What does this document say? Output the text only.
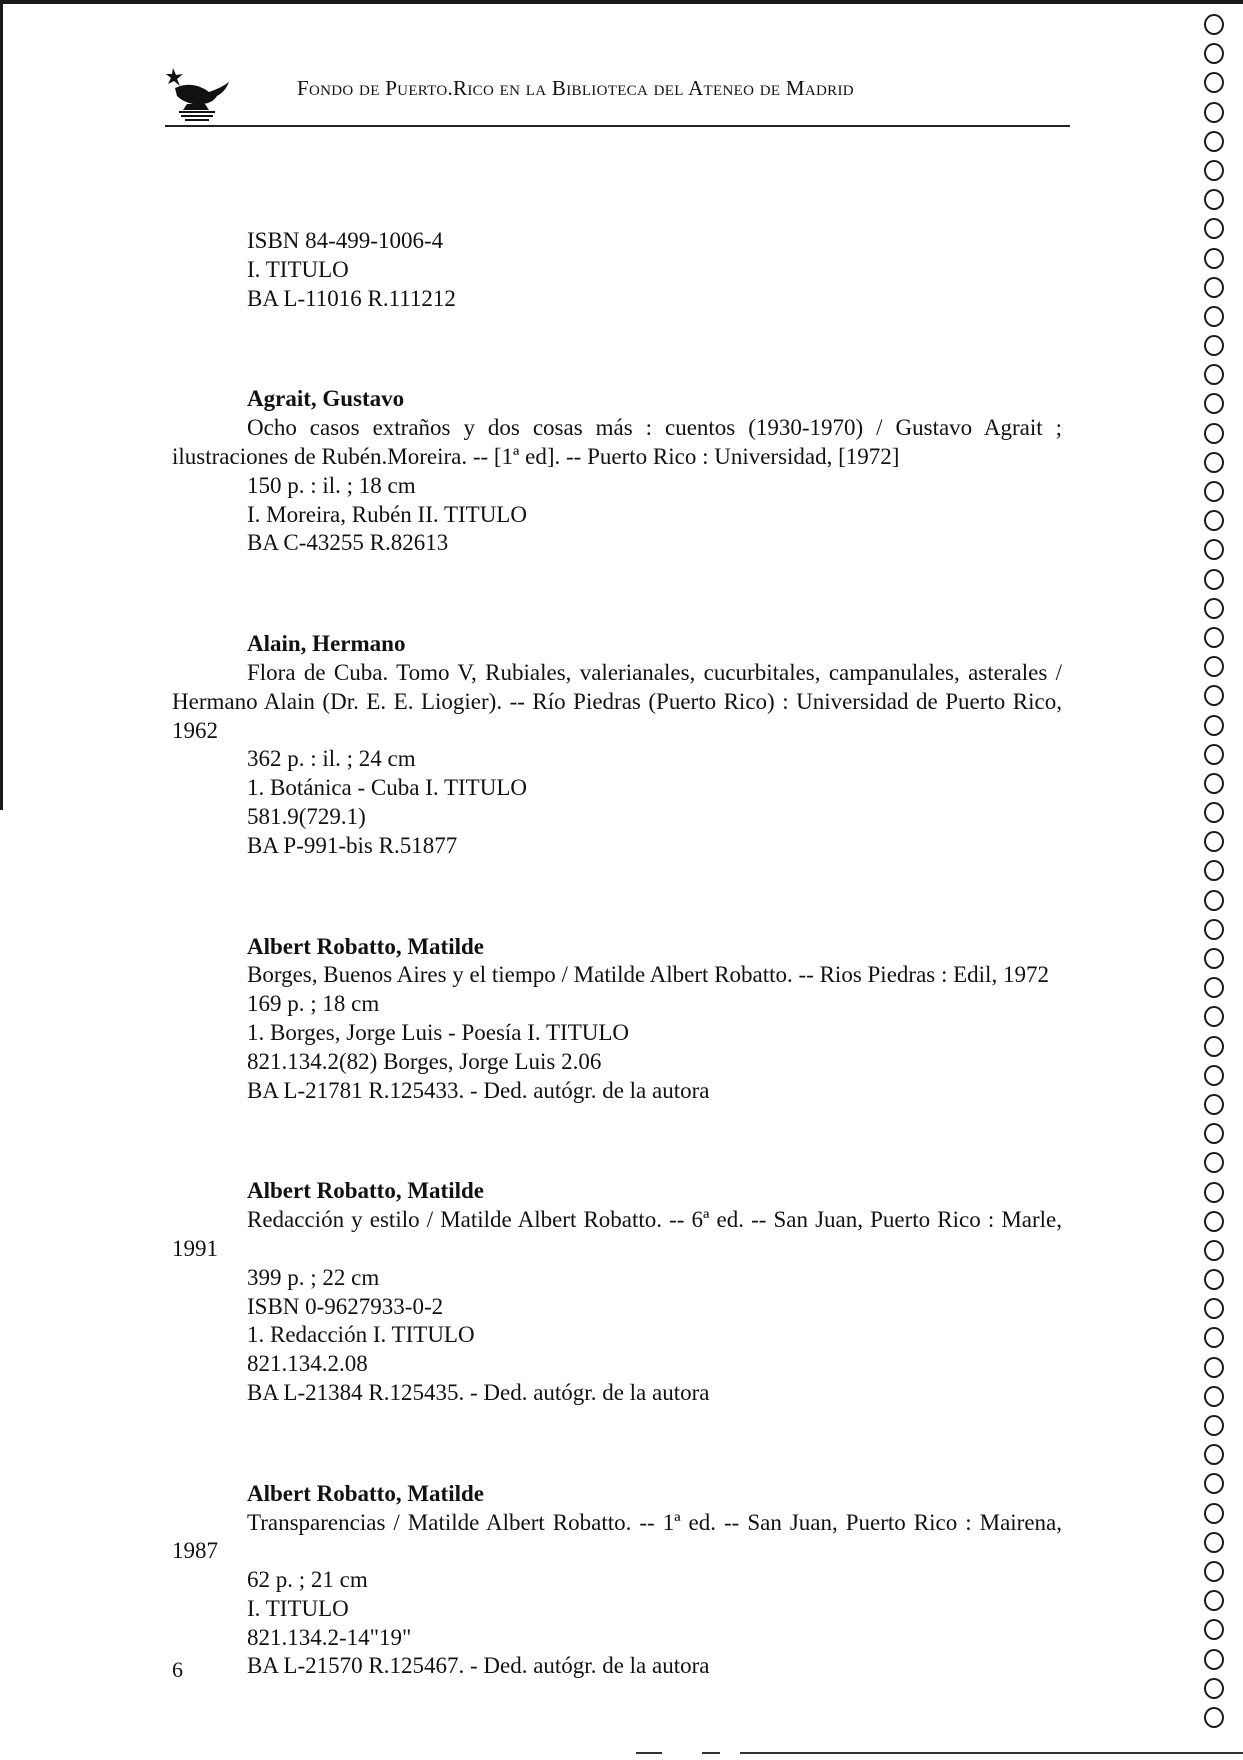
Fondo de Puerto.Rico en la Biblioteca del Ateneo de Madrid
ISBN 84-499-1006-4
I. TITULO
BA L-11016 R.111212
Agrait, Gustavo
Ocho casos extraños y dos cosas más : cuentos (1930-1970) / Gustavo Agrait ; ilustraciones de Rubén.Moreira. -- [1ª ed]. -- Puerto Rico : Universidad, [1972]
150 p. : il. ; 18 cm
I. Moreira, Rubén II. TITULO
BA C-43255 R.82613
Alain, Hermano
Flora de Cuba. Tomo V, Rubiales, valerianales, cucurbitales, campanulales, asterales / Hermano Alain (Dr. E. E. Liogier). -- Río Piedras (Puerto Rico) : Universidad de Puerto Rico, 1962
362 p. : il. ; 24 cm
1. Botánica - Cuba I. TITULO
581.9(729.1)
BA P-991-bis R.51877
Albert Robatto, Matilde
Borges, Buenos Aires y el tiempo / Matilde Albert Robatto. -- Rios Piedras : Edil, 1972
169 p. ; 18 cm
1. Borges, Jorge Luis - Poesía I. TITULO
821.134.2(82) Borges, Jorge Luis 2.06
BA L-21781 R.125433. - Ded. autógr. de la autora
Albert Robatto, Matilde
Redacción y estilo / Matilde Albert Robatto. -- 6ª ed. -- San Juan, Puerto Rico : Marle, 1991
399 p. ; 22 cm
ISBN 0-9627933-0-2
1. Redacción I. TITULO
821.134.2.08
BA L-21384 R.125435. - Ded. autógr. de la autora
Albert Robatto, Matilde
Transparencias / Matilde Albert Robatto. -- 1ª ed. -- San Juan, Puerto Rico : Mairena, 1987
62 p. ; 21 cm
I. TITULO
821.134.2-14"19"
BA L-21570 R.125467. - Ded. autógr. de la autora
6
